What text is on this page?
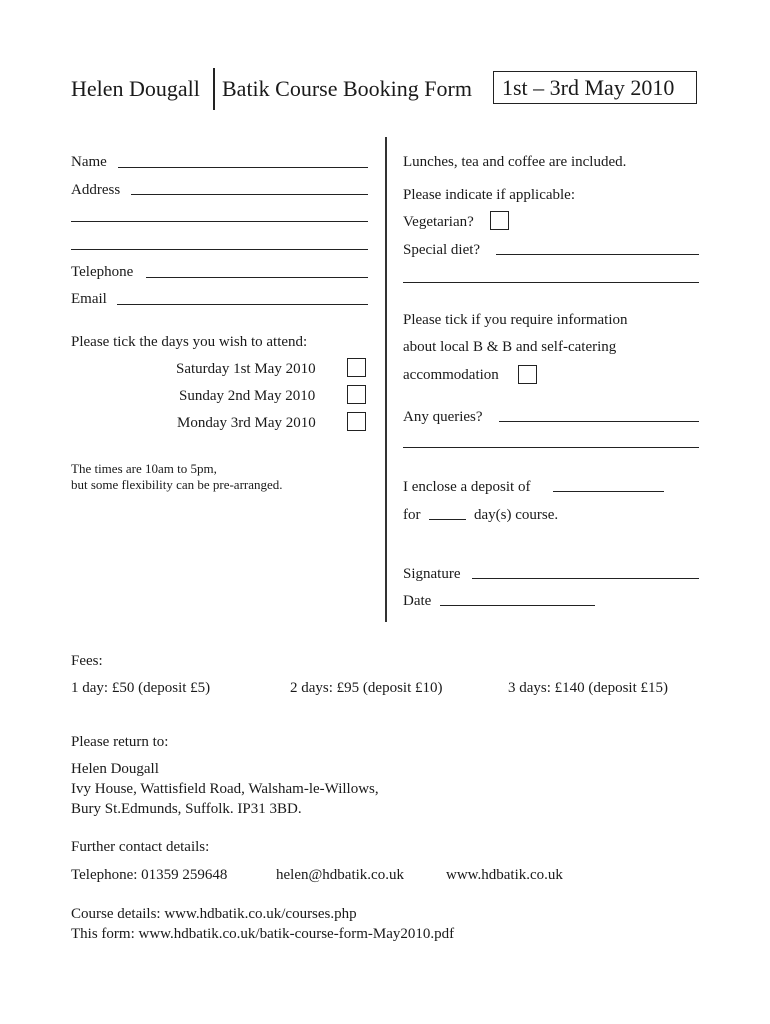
Helen Dougall Batik Course Booking Form 1st – 3rd May 2010
Name
Address
Telephone
Email
Please tick the days you wish to attend:
Saturday 1st May 2010
Sunday 2nd May 2010
Monday 3rd May 2010
The times are 10am to 5pm,
but some flexibility can be pre-arranged.
Lunches, tea and coffee are included.
Please indicate if applicable:
Vegetarian?
Special diet?
Please tick if you require information
about local B & B and self-catering
accommodation
Any queries?
I enclose a deposit of
for	day(s) course.
Signature
Date
Fees:
1 day: £50 (deposit £5)	2 days: £95 (deposit £10)	3 days: £140 (deposit £15)
Please return to:
Helen Dougall
Ivy House, Wattisfield Road, Walsham-le-Willows,
Bury St.Edmunds, Suffolk. IP31 3BD.
Further contact details:
Telephone: 01359 259648	helen@hdbatik.co.uk	www.hdbatik.co.uk
Course details: www.hdbatik.co.uk/courses.php
This form: www.hdbatik.co.uk/batik-course-form-May2010.pdf
